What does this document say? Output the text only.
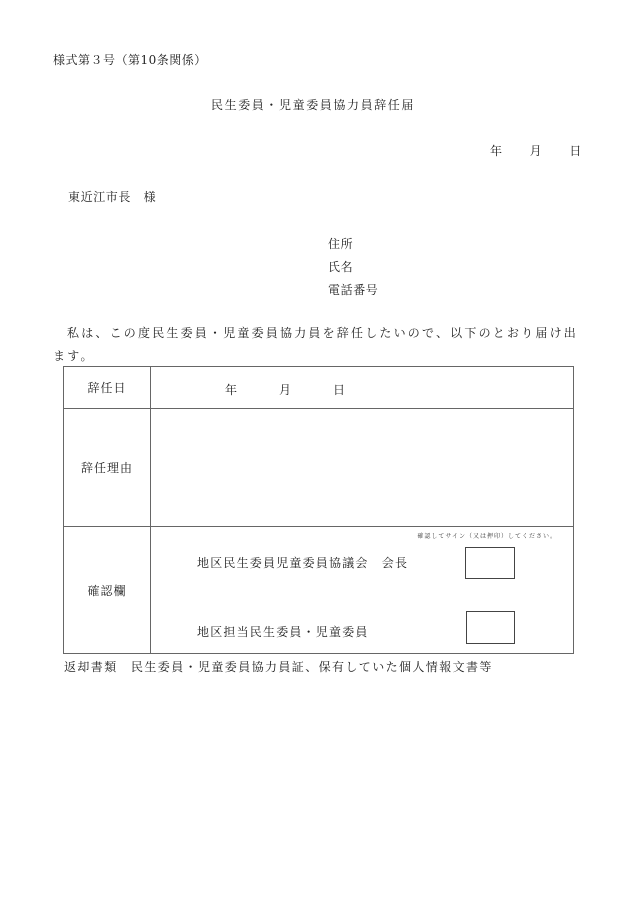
様式第３号（第10条関係）
民生委員・児童委員協力員辞任届
年 月 日
東近江市長　様
住所
氏名
電話番号
私は、この度民生委員・児童委員協力員を辞任したいので、以下のとおり届け出ます。
辞任日	年 月 日

辞任理由	
確認欄	確認してサイン（又は押印）してください。
地区民生委員児童委員協議会　会長
地区担当民生委員・児童委員
返却書類　民生委員・児童委員協力員証、保有していた個人情報文書等
